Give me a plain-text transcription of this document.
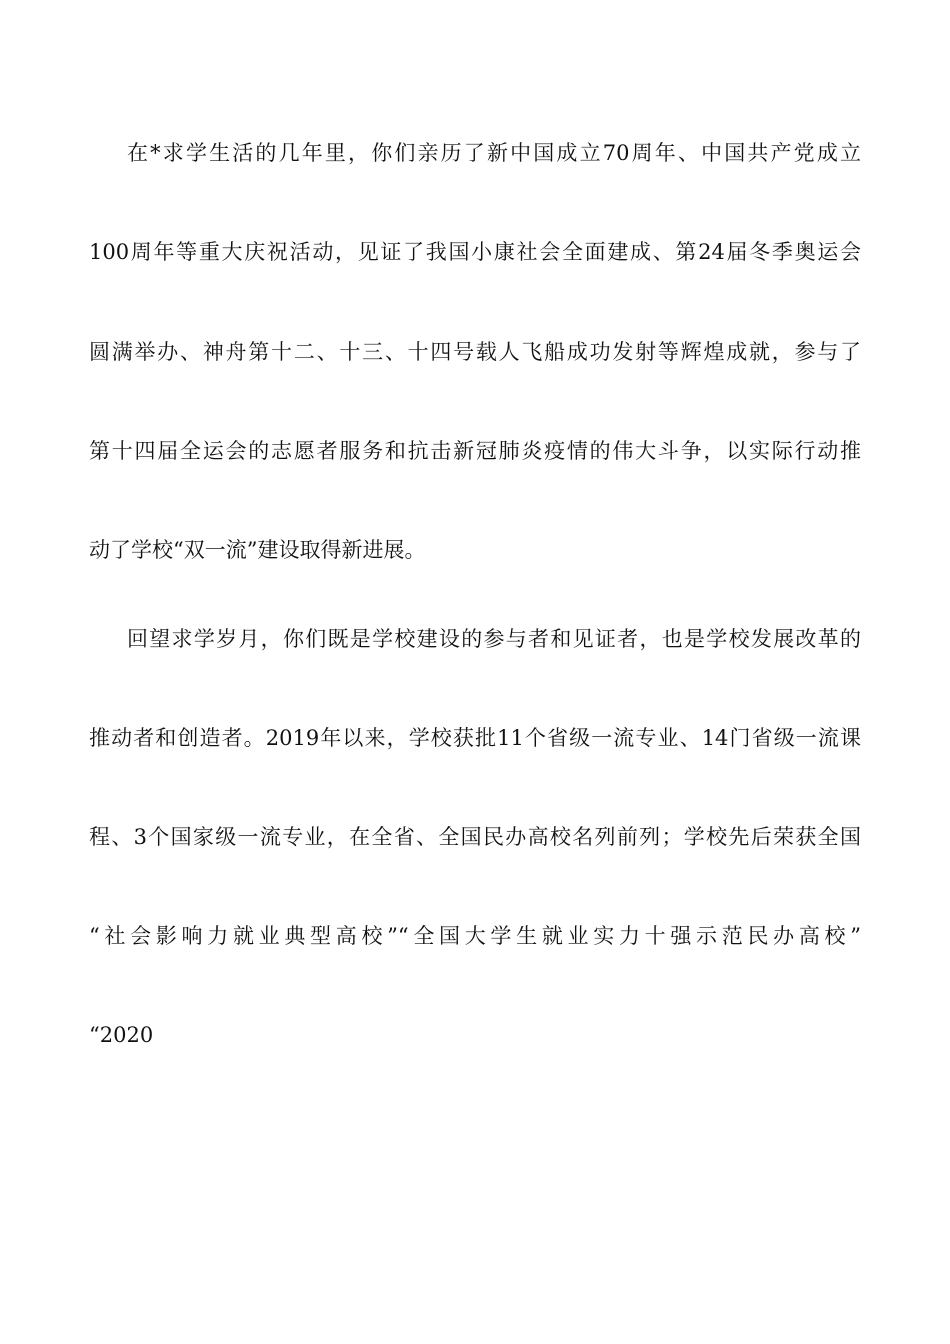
在*求学生活的几年里，你们亲历了新中国成立70周年、中国共产党成立
100周年等重大庆祝活动，见证了我国小康社会全面建成、第24届冬季奥运会
圆满举办、神舟第十二、十三、十四号载人飞船成功发射等辉煌成就，参与了
第十四届全运会的志愿者服务和抗击新冠肺炎疫情的伟大斗争，以实际行动推
动了学校“双一流”建设取得新进展。
回望求学岁月，你们既是学校建设的参与者和见证者，也是学校发展改革的
推动者和创造者。2019年以来，学校获批11个省级一流专业、14门省级一流课
程、3个国家级一流专业，在全省、全国民办高校名列前列；学校先后荣获全国
“社会影响力就业典型高校”“全国大学生就业实力十强示范民办高校”
“2020
